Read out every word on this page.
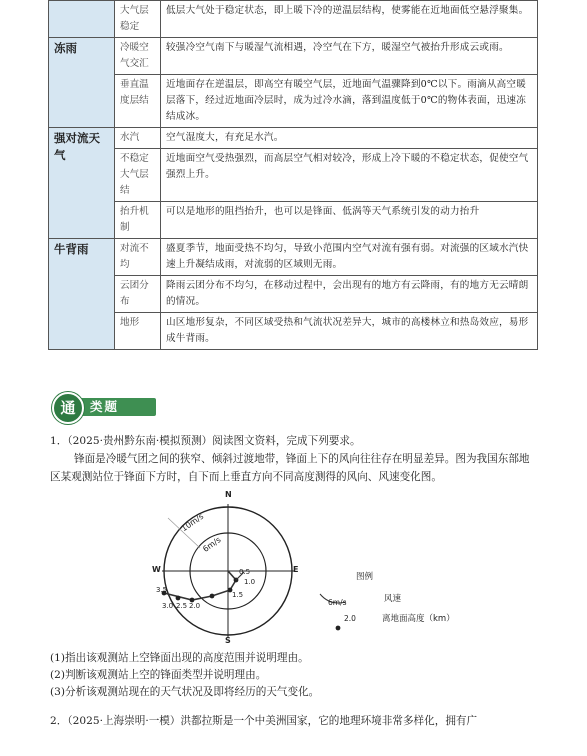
	大气层稳定	低层大气处于稳定状态，即上暖下冷的逆温层结构，使雾能在近地面低空悬浮聚集。
冻雨	冷暖空气交汇	较强冷空气南下与暖湿气流相遇，冷空气在下方，暖湿空气被抬升形成云或雨。
	垂直温度层结	近地面存在逆温层，即高空有暖空气层，近地面气温骤降到0℃以下。雨滴从高空暖层落下，经过近地面冷层时，成为过冷水滴，落到温度低于0℃的物体表面，迅速冻结成冰。
强对流天气	水汽	空气湿度大，有充足水汽。
	不稳定大气层结	近地面空气受热强烈，而高层空气相对较冷，形成上冷下暖的不稳定状态，促使空气强烈上升。
	抬升机制	可以是地形的阻挡抬升，也可以是锋面、低涡等天气系统引发的动力抬升
牛背雨	对流不均	盛夏季节，地面受热不均匀，导致小范围内空气对流有强有弱。对流强的区域水汽快速上升凝结成雨，对流弱的区域则无雨。
	云团分布	降雨云团分布不均匀，在移动过程中，会出现有的地方有云降雨，有的地方无云晴朗的情况。
	地形	山区地形复杂，不同区域受热和气流状况差异大，城市的高楼林立和热岛效应，易形成牛背雨。
通	类题
1．（2025·贵州黔东南·模拟预测）阅读图文资料，完成下列要求。
锋面是冷暖气团之间的狭窄、倾斜过渡地带，锋面上下的风向往往存在明显差异。图为我国东部地区某观测站位于锋面下方时，自下而上垂直方向不同高度测得的风向、风速变化图。
N
S
E
W
10m/s
6m/s
0.5
1.0
1.5
2.0
2.5
3.0
3.5
图例
6m/s	风速
2.0	离地面高度（km）
(1)指出该观测站上空锋面出现的高度范围并说明理由。
(2)判断该观测站上空的锋面类型并说明理由。
(3)分析该观测站现在的天气状况及即将经历的天气变化。
2．（2025·上海崇明·一模）洪都拉斯是一个中美洲国家，它的地理环境非常多样化，拥有广
